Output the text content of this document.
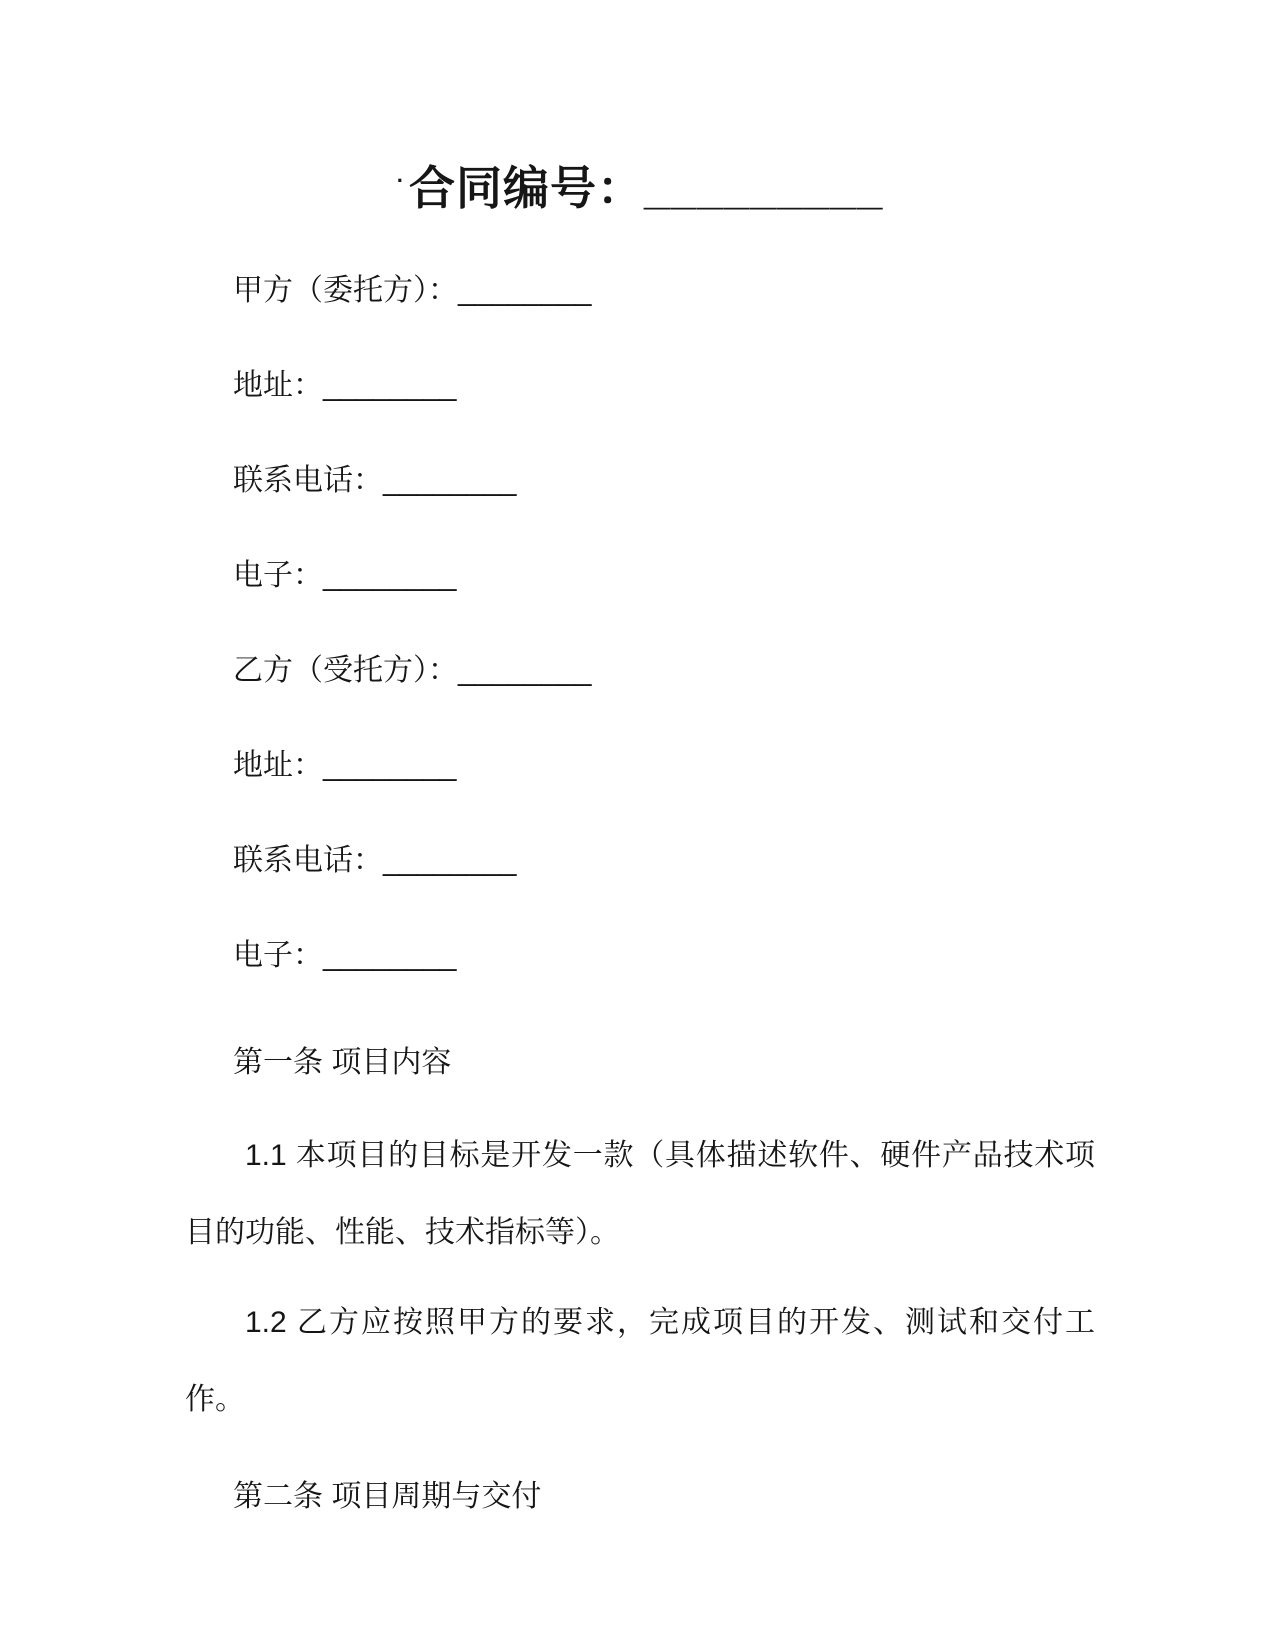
·合同编号：_________

甲方（委托方）：________

地址：________

联系电话：________

电子：________

乙方（受托方）：________

地址：________

联系电话：________

电子：________

第一条 项目内容

1.1 本项目的目标是开发一款（具体描述软件、硬件产品技术项目的功能、性能、技术指标等）。

1.2 乙方应按照甲方的要求，完成项目的开发、测试和交付工作。

第二条 项目周期与交付
